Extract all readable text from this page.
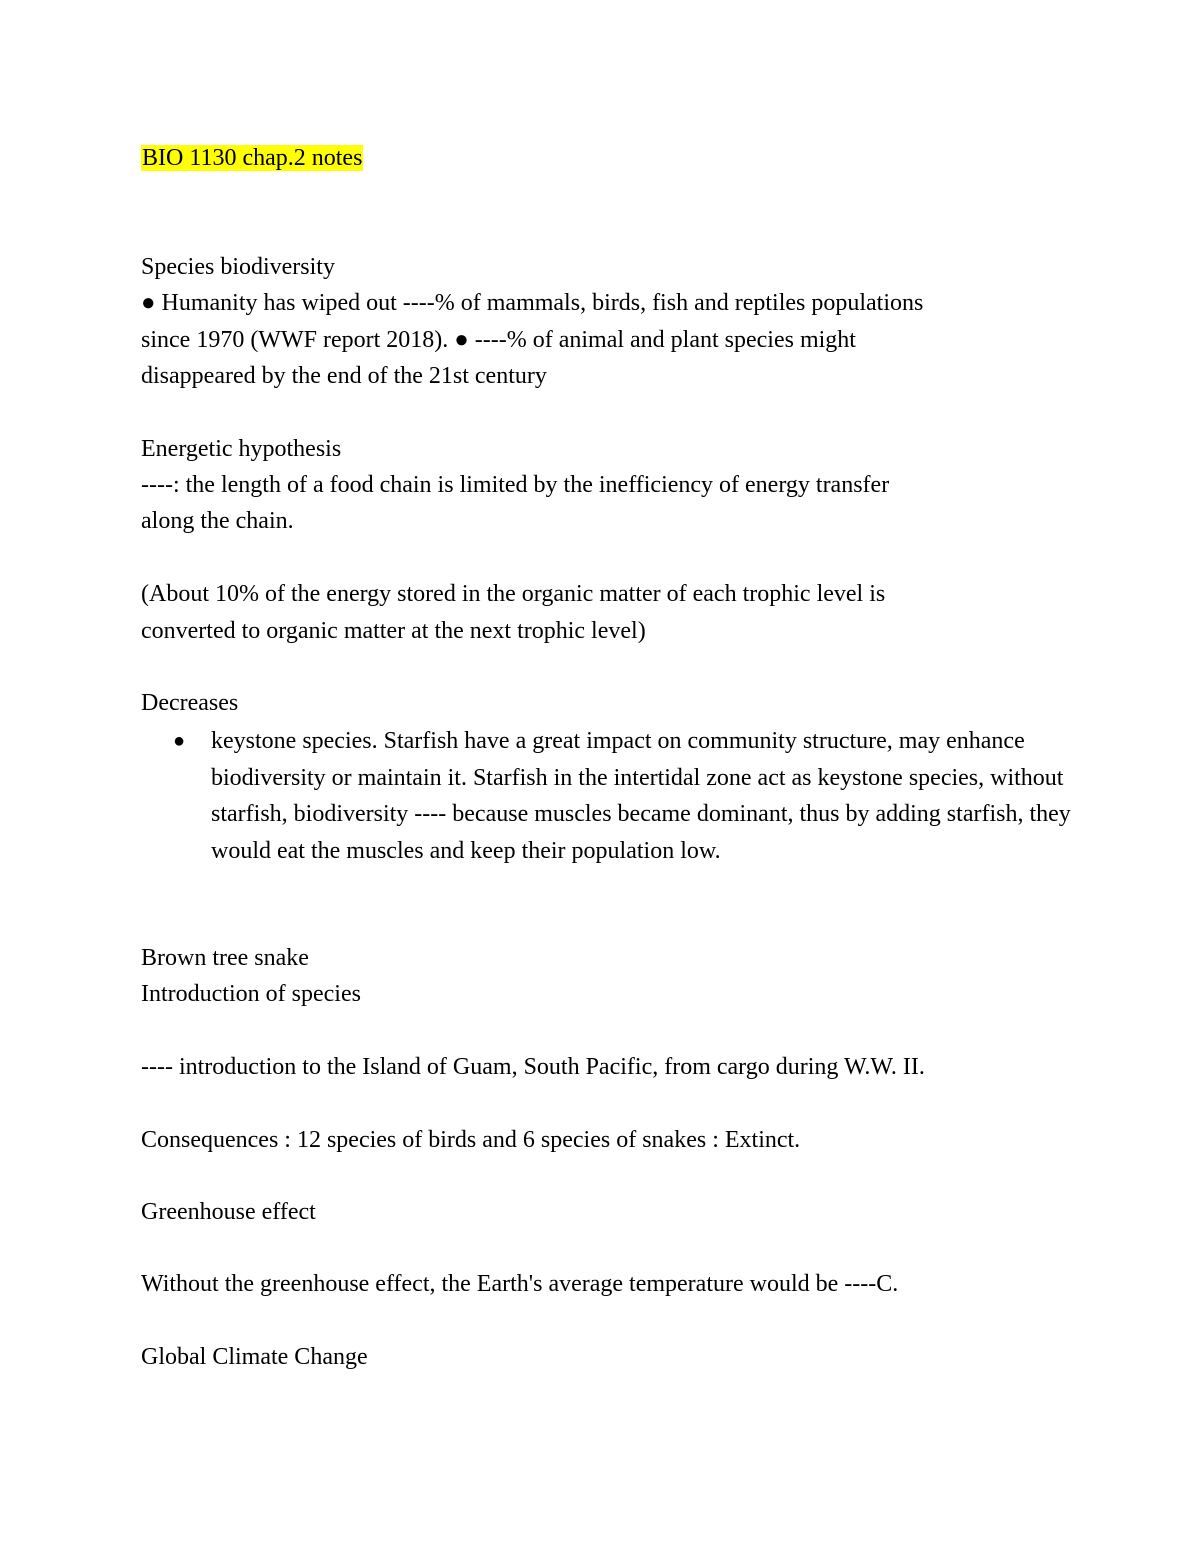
BIO 1130 chap.2 notes
Species biodiversity
● Humanity has wiped out ----% of mammals, birds, fish and reptiles populations
since 1970 (WWF report 2018). ● ----% of animal and plant species might
disappeared by the end of the 21st century
Energetic hypothesis
----: the length of a food chain is limited by the inefficiency of energy transfer
along the chain.
(About 10% of the energy stored in the organic matter of each trophic level is
converted to organic matter at the next trophic level)
Decreases
● keystone species. Starfish have a great impact on community structure, may enhance biodiversity or maintain it. Starfish in the intertidal zone act as keystone species, without starfish, biodiversity ---- because muscles became dominant, thus by adding starfish, they would eat the muscles and keep their population low.
Brown tree snake
Introduction of species
---- introduction to the Island of Guam, South Pacific, from cargo during W.W. II.
Consequences : 12 species of birds and 6 species of snakes : Extinct.
Greenhouse effect
Without the greenhouse effect, the Earth's average temperature would be ----C.
Global Climate Change
